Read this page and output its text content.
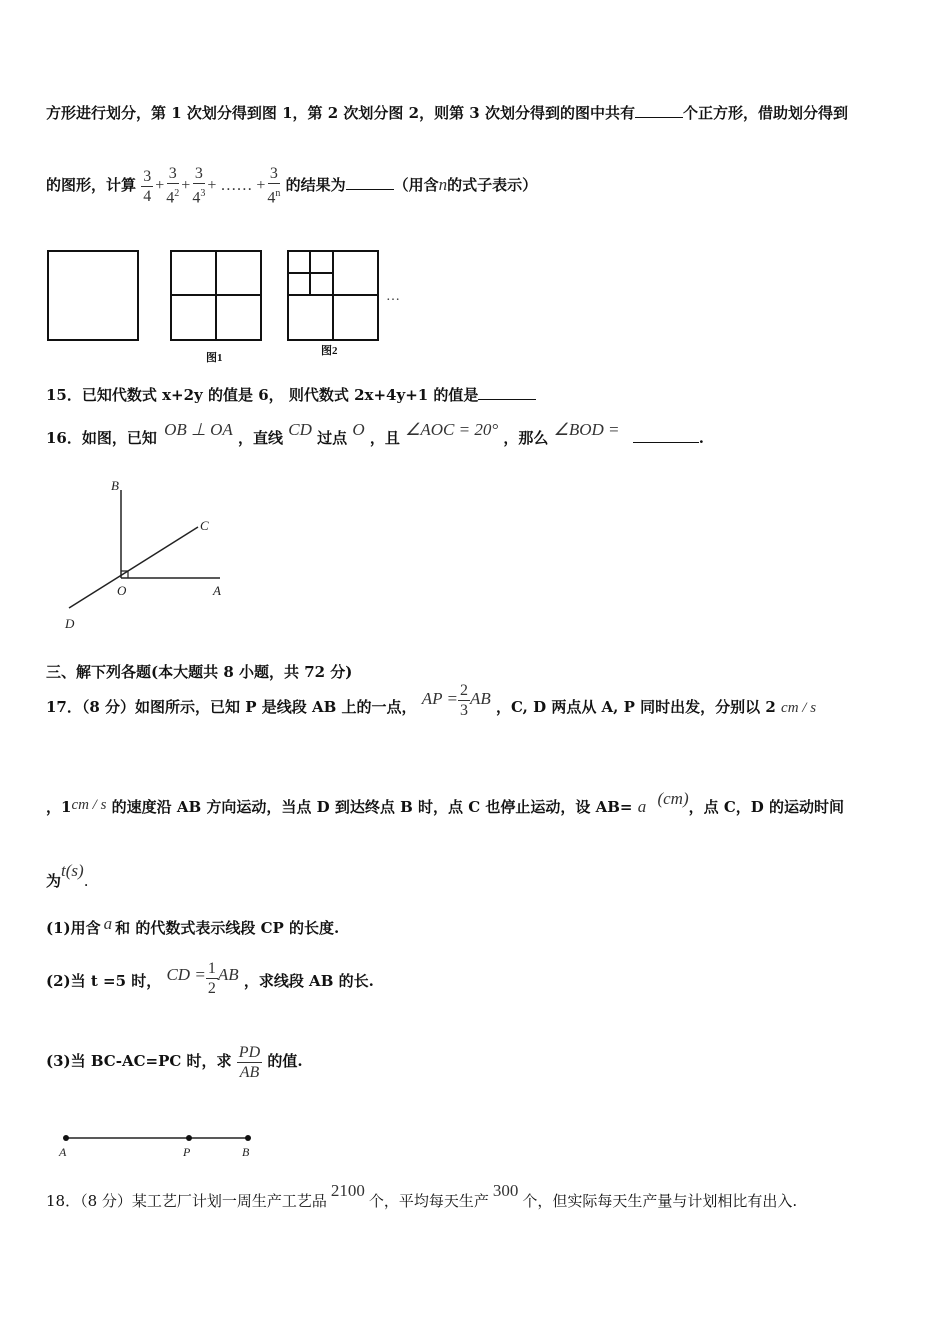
方形进行划分，第 1 次划分得到图 1，第 2 次划分图 2，则第 3 次划分得到的图中共有	个正方形，借助划分得到
的图形，计算 $\frac{3}{4} + \frac{3}{4^2} + \frac{3}{4^3}$ + …… + $\frac{3}{4^n}$ 的结果为	（用含n的式子表示）
…
图1
图2
15．已知代数式 x+2y 的值是 6， 则代数式 2x+4y+1 的值是
16．如图，已知 OB ⊥ OA ，直线 CD 过点 O ，且 ∠AOC = 20° ，那么 ∠BOD =	.
B
C
O	A
D
三、解下列各题(本大题共 8 小题，共 72 分)
17．（8 分）如图所示，已知 P 是线段 AB 上的一点， AP = $\frac{2}{3}$ AB ，C, D 两点从 A, P 同时出发，分别以 2 cm / s
，1cm / s 的速度沿 AB 方向运动，当点 D 到达终点 B 时，点 C 也停止运动，设 AB= a (cm)，点 C，D 的运动时间
为t(s).
(1)用含 a 和 的代数式表示线段 CP 的长度.
(2)当 t =5 时， CD = $\frac{1}{2}$ AB ，求线段 AB 的长.
(3)当 BC-AC=PC 时，求 $\frac{PD}{AB}$ 的值.
A	P	B
18．（8 分）某工艺厂计划一周生产工艺品2100个，平均每天生产300个，但实际每天生产量与计划相比有出入.
